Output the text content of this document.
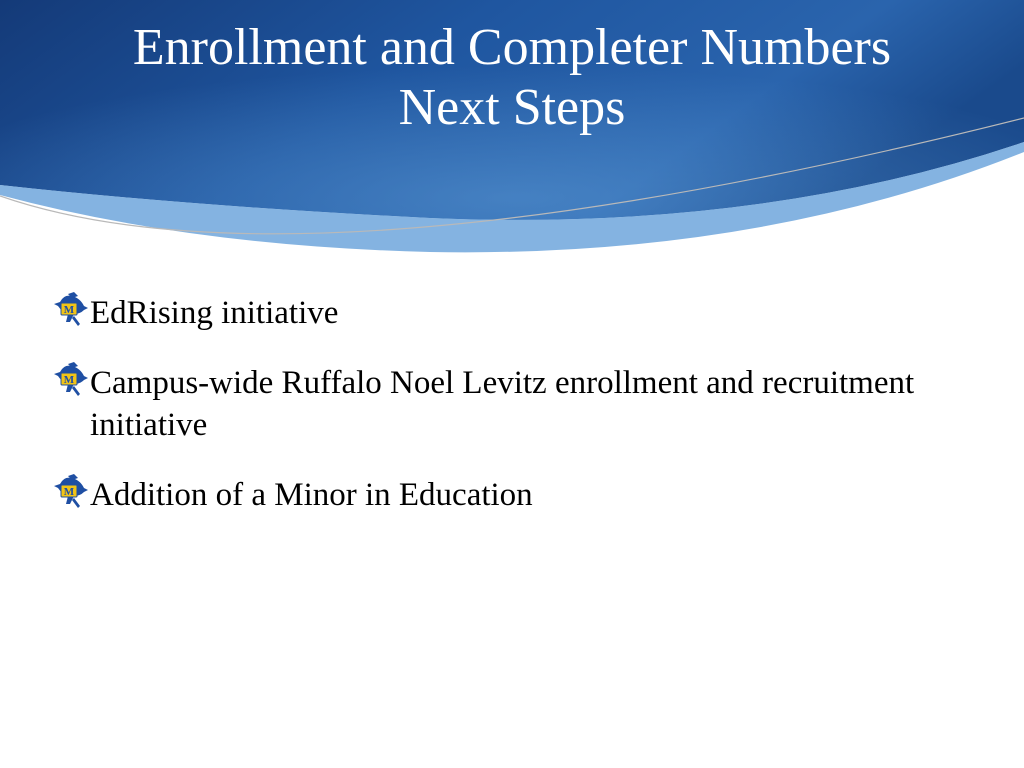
Enrollment and Completer Numbers
Next Steps
M EdRising initiative
M Campus-wide Ruffalo Noel Levitz enrollment and recruitment initiative
M Addition of a Minor in Education
